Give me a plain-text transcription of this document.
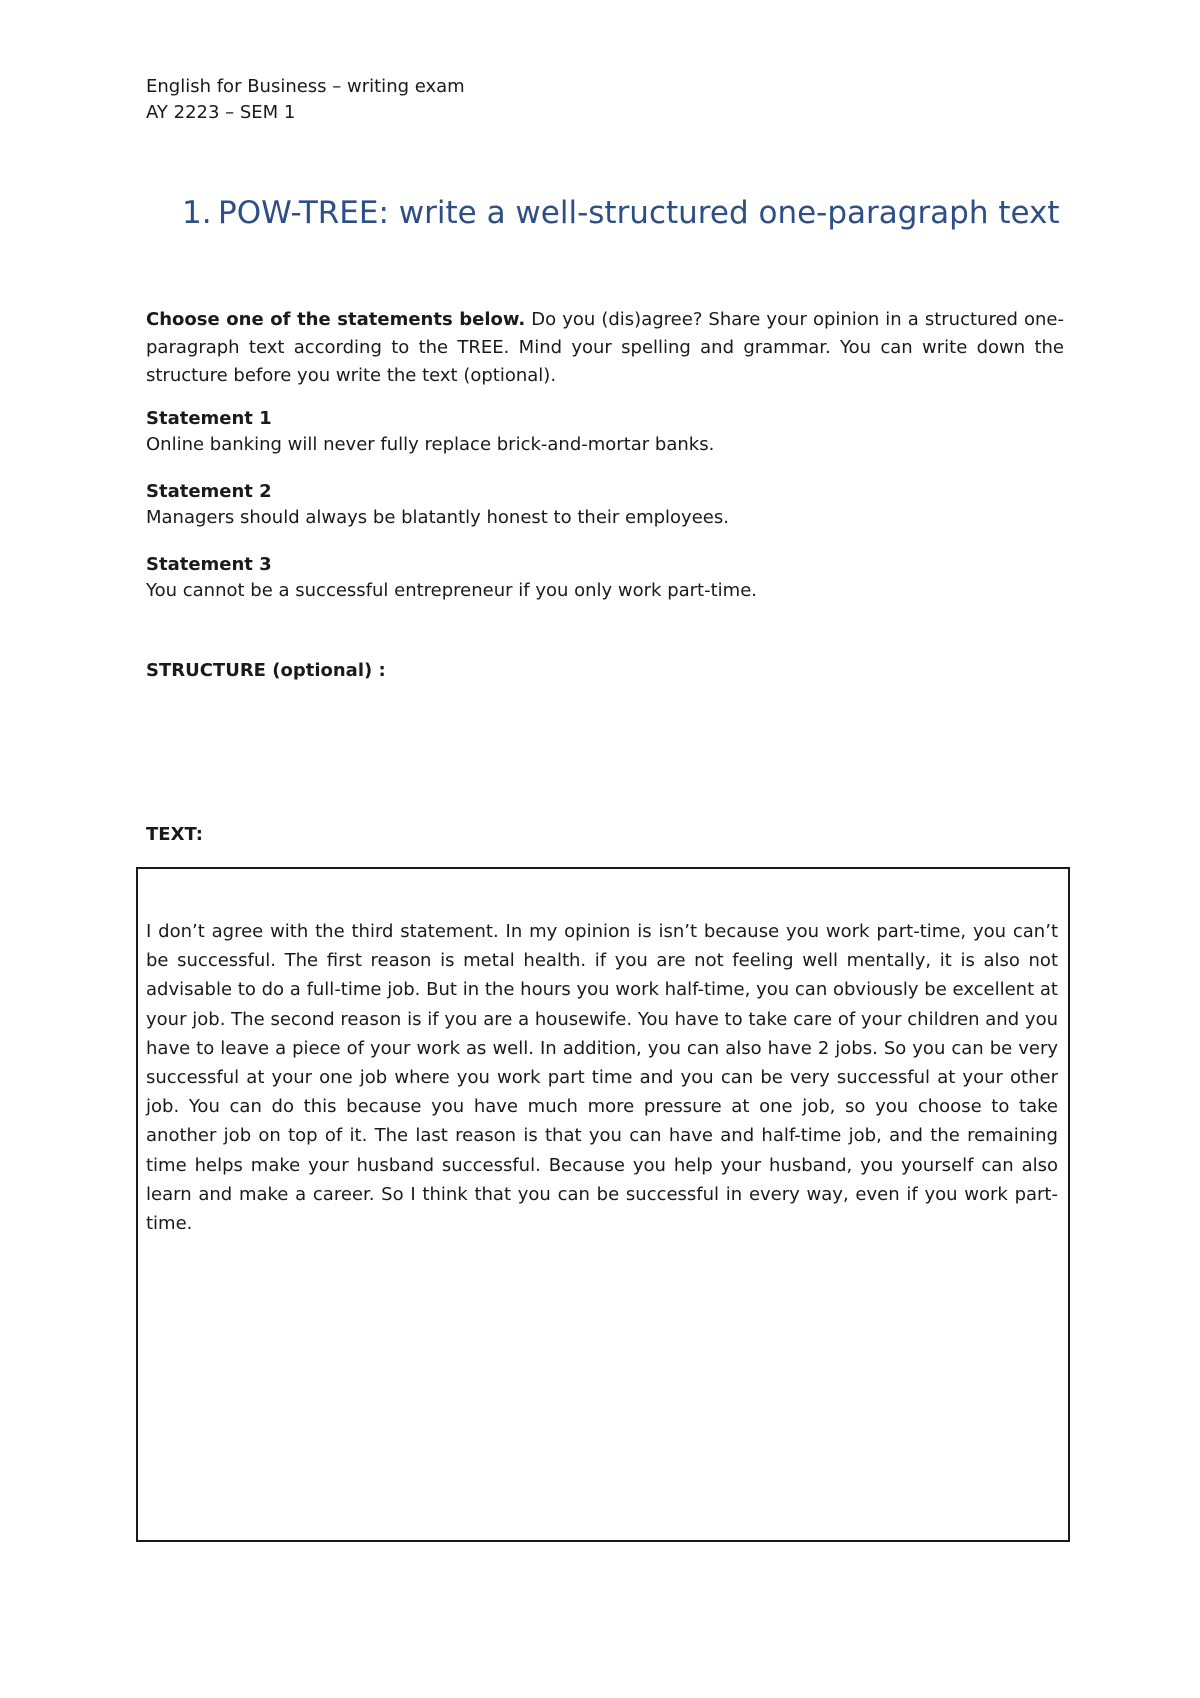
English for Business – writing exam
AY 2223 – SEM 1
1. POW-TREE: write a well-structured one-paragraph text
Choose one of the statements below. Do you (dis)agree? Share your opinion in a structured one-paragraph text according to the TREE. Mind your spelling and grammar. You can write down the structure before you write the text (optional).
Statement 1
Online banking will never fully replace brick-and-mortar banks.
Statement 2
Managers should always be blatantly honest to their employees.
Statement 3
You cannot be a successful entrepreneur if you only work part-time.
STRUCTURE (optional) :
TEXT:
I don’t agree with the third statement. In my opinion is isn’t because you work part-time, you can’t be successful. The first reason is metal health. if you are not feeling well mentally, it is also not advisable to do a full-time job. But in the hours you work half-time, you can obviously be excellent at your job. The second reason is if you are a housewife. You have to take care of your children and you have to leave a piece of your work as well. In addition, you can also have 2 jobs. So you can be very successful at your one job where you work part time and you can be very successful at your other job. You can do this because you have much more pressure at one job, so you choose to take another job on top of it. The last reason is that you can have and half-time job, and the remaining time helps make your husband successful. Because you help your husband, you yourself can also learn and make a career. So I think that you can be successful in every way, even if you work part-time.
